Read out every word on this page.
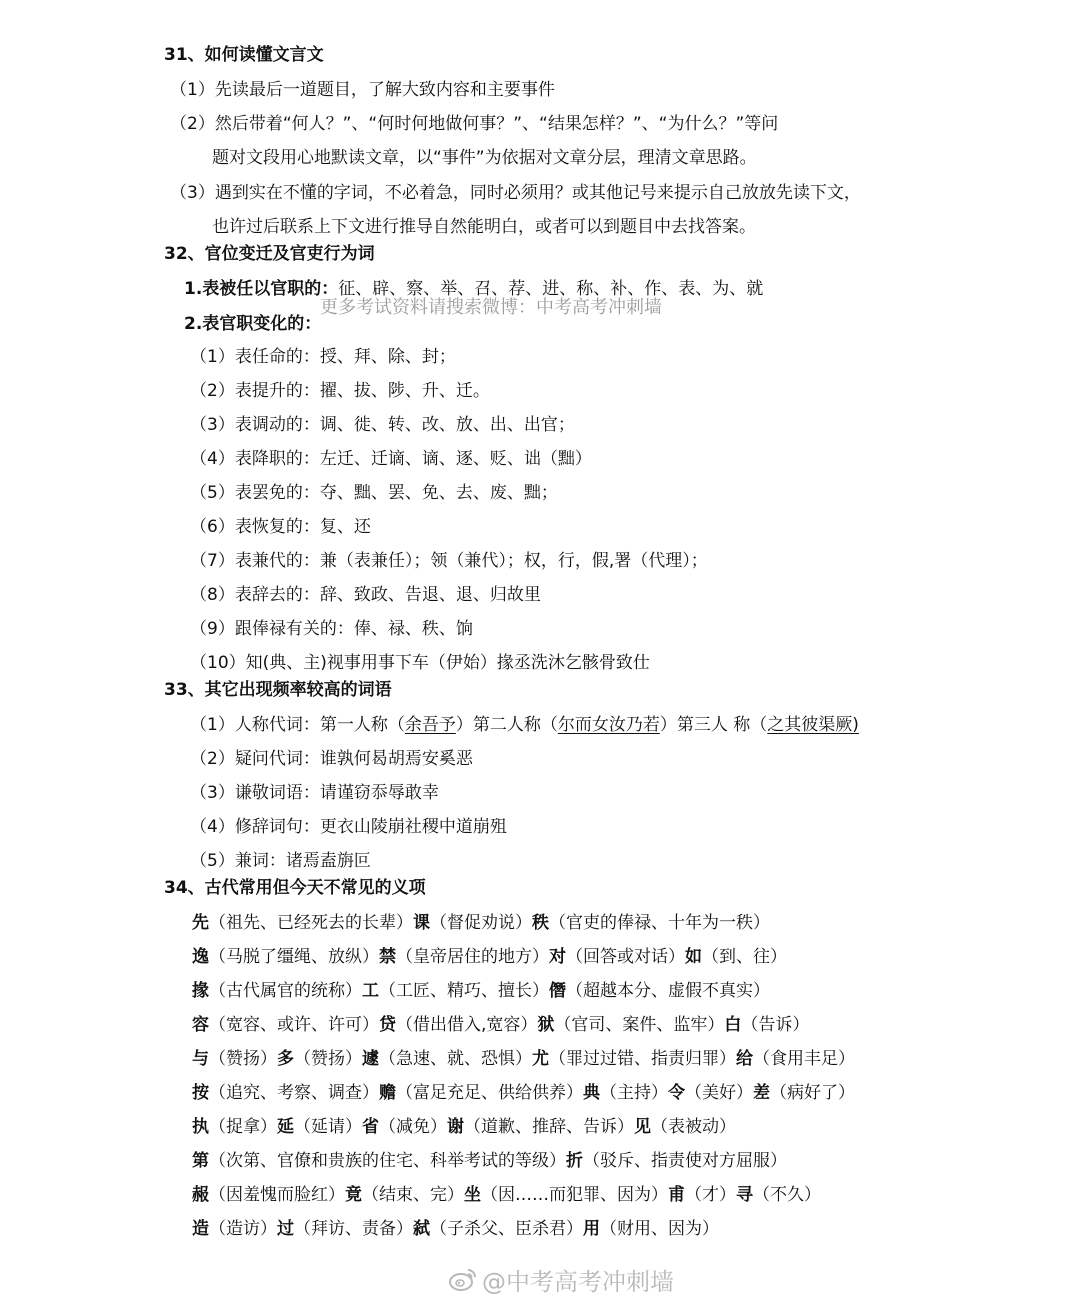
31、如何读懂文言文
（1）先读最后一道题目，了解大致内容和主要事件
（2）然后带着“何人？”、“何时何地做何事？”、“结果怎样？”、“为什么？”等问
题对文段用心地默读文章，以“事件”为依据对文章分层，理清文章思路。
（3）遇到实在不懂的字词，不必着急，同时必须用？或其他记号来提示自己放放先读下文，
也许过后联系上下文进行推导自然能明白，或者可以到题目中去找答案。
32、官位变迁及官吏行为词
1.表被任以官职的：征、辟、察、举、召、荐、进、称、补、作、表、为、就
更多考试资料请搜索微博：中考高考冲刺墙
2.表官职变化的：
（1）表任命的：授、拜、除、封；
（2）表提升的：擢、拔、陟、升、迁。
（3）表调动的：调、徙、转、改、放、出、出官；
（4）表降职的：左迁、迁谪、谪、逐、贬、诎（黜）
（5）表罢免的：夺、黜、罢、免、去、废、黜；
（6）表恢复的：复、还
（7）表兼代的：兼（表兼任）；领（兼代）；权，行，假,署（代理）；
（8）表辞去的：辞、致政、告退、退、归故里
（9）跟俸禄有关的：俸、禄、秩、饷
（10）知(典、主)视事用事下车（伊始）掾丞洗沐乞骸骨致仕
33、其它出现频率较高的词语
（1）人称代词：第一人称（余吾予）第二人称（尔而女汝乃若）第三人 称（之其彼渠厥)
（2）疑问代词：谁孰何曷胡焉安奚恶
（3）谦敬词语：请谨窃忝辱敢幸
（4）修辞词句：更衣山陵崩社稷中道崩殂
（5）兼词：诸焉盍旃叵
34、古代常用但今天不常见的义项
先（祖先、已经死去的长辈）课（督促劝说）秩（官吏的俸禄、十年为一秩）
逸（马脱了缰绳、放纵）禁（皇帝居住的地方）对（回答或对话）如（到、往）
掾（古代属官的统称）工（工匠、精巧、擅长）僭（超越本分、虚假不真实）
容（宽容、或许、许可）贷（借出借入,宽容）狱（官司、案件、监牢）白（告诉）
与（赞扬）多（赞扬）遽（急速、就、恐惧）尤（罪过过错、指责归罪）给（食用丰足）
按（追究、考察、调查）赡（富足充足、供给供养）典（主持）令（美好）差（病好了）
执（捉拿）延（延请）省（减免）谢（道歉、推辞、告诉）见（表被动）
第（次第、官僚和贵族的住宅、科举考试的等级）折（驳斥、指责使对方屈服）
赧（因羞愧而脸红）竟（结束、完）坐（因……而犯罪、因为）甫（才）寻（不久）
造（造访）过（拜访、责备）弑（子杀父、臣杀君）用（财用、因为）
@中考高考冲刺墙
